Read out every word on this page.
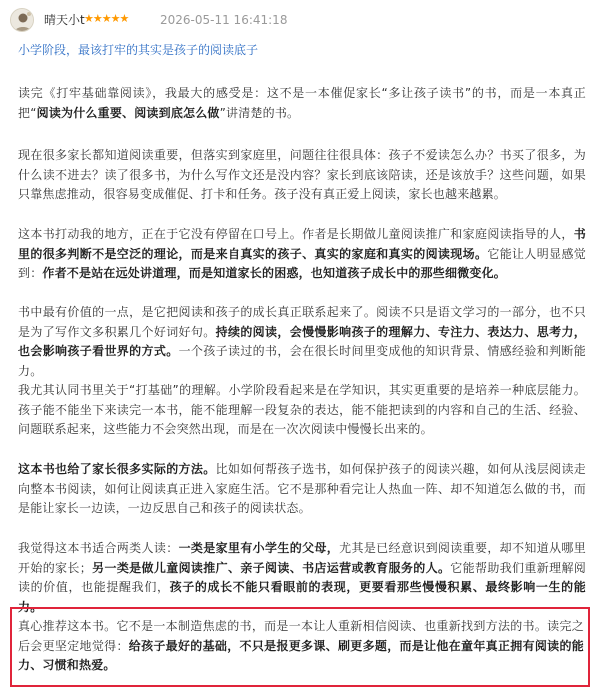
晴天小t ★★★★★	2026-05-11 16:41:18
小学阶段，最该打牢的其实是孩子的阅读底子
读完《打牢基础靠阅读》，我最大的感受是：这不是一本催促家长“多让孩子读书”的书，而是一本真正把“阅读为什么重要、阅读到底怎么做”讲清楚的书。
现在很多家长都知道阅读重要，但落实到家庭里，问题往往很具体：孩子不爱读怎么办？书买了很多，为什么读不进去？读了很多书，为什么写作文还是没内容？家长到底该陪读，还是该放手？这些问题，如果只靠焦虑推动，很容易变成催促、打卡和任务。孩子没有真正爱上阅读，家长也越来越累。
这本书打动我的地方，正在于它没有停留在口号上。作者是长期做儿童阅读推广和家庭阅读指导的人，书里的很多判断不是空泛的理论，而是来自真实的孩子、真实的家庭和真实的阅读现场。它能让人明显感觉到：作者不是站在远处讲道理，而是知道家长的困惑，也知道孩子成长中的那些细微变化。
书中最有价值的一点，是它把阅读和孩子的成长真正联系起来了。阅读不只是语文学习的一部分，也不只是为了写作文多积累几个好词好句。持续的阅读，会慢慢影响孩子的理解力、专注力、表达力、思考力，也会影响孩子看世界的方式。一个孩子读过的书，会在很长时间里变成他的知识背景、情感经验和判断能力。
我尤其认同书里关于“打基础”的理解。小学阶段看起来是在学知识，其实更重要的是培养一种底层能力。孩子能不能坐下来读完一本书，能不能理解一段复杂的表达，能不能把读到的内容和自己的生活、经验、问题联系起来，这些能力不会突然出现，而是在一次次阅读中慢慢长出来的。
这本书也给了家长很多实际的方法。比如如何帮孩子选书，如何保护孩子的阅读兴趣，如何从浅层阅读走向整本书阅读，如何让阅读真正进入家庭生活。它不是那种看完让人热血一阵、却不知道怎么做的书，而是能让家长一边读，一边反思自己和孩子的阅读状态。
我觉得这本书适合两类人读：一类是家里有小学生的父母，尤其是已经意识到阅读重要，却不知道从哪里开始的家长；另一类是做儿童阅读推广、亲子阅读、书店运营或教育服务的人。它能帮助我们重新理解阅读的价值，也能提醒我们，孩子的成长不能只看眼前的表现，更要看那些慢慢积累、最终影响一生的能力。
真心推荐这本书。它不是一本制造焦虑的书，而是一本让人重新相信阅读、也重新找到方法的书。读完之后会更坚定地觉得：给孩子最好的基础，不只是报更多课、刷更多题，而是让他在童年真正拥有阅读的能力、习惯和热爱。
